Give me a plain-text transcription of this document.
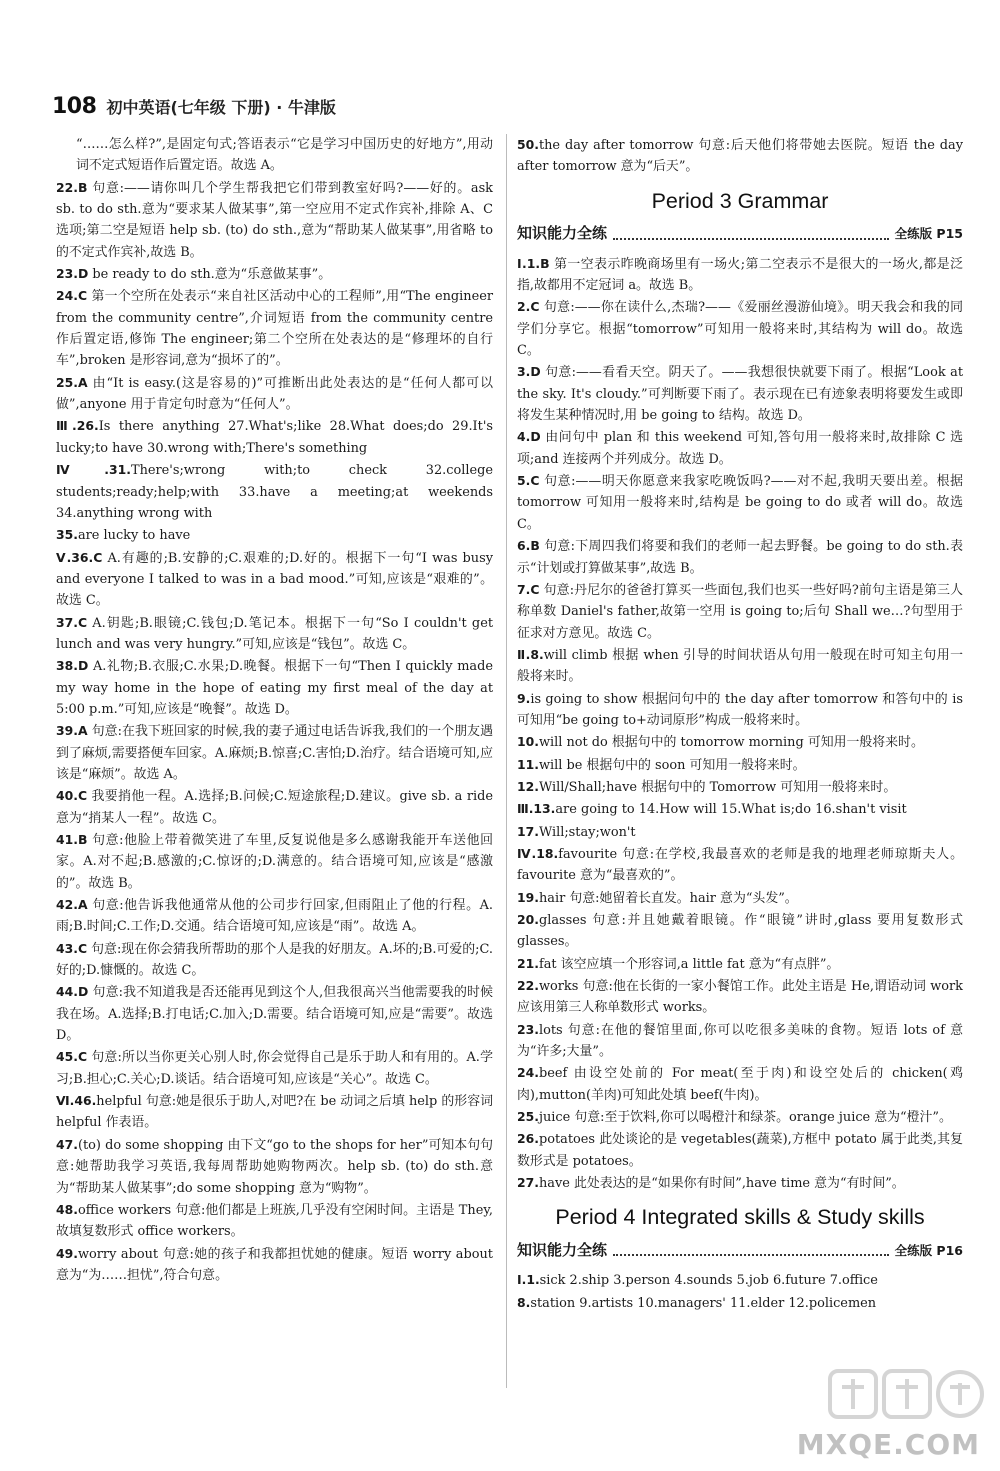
108 初中英语(七年级 下册) · 牛津版

“……怎么样?”,是固定句式;答语表示“它是学习中国历史的好地方”,用动词不定式短语作后置定语。故选 A。

22.B 句意:——请你叫几个学生帮我把它们带到教室好吗?——好的。ask sb. to do sth.意为“要求某人做某事”,第一空应用不定式作宾补,排除 A、C 选项;第二空是短语 help sb. (to) do sth.,意为“帮助某人做某事”,用省略 to 的不定式作宾补,故选 B。

23.D be ready to do sth.意为“乐意做某事”。

24.C 第一个空所在处表示“来自社区活动中心的工程师”,用“The engineer from the community centre”,介词短语 from the community centre 作后置定语,修饰 The engineer;第二个空所在处表达的是“修理坏的自行车”,broken 是形容词,意为“损坏了的”。

25.A 由“It is easy.(这是容易的)”可推断出此处表达的是“任何人都可以做”,anyone 用于肯定句时意为“任何人”。

Ⅲ.26.Is there anything 27.What's;like 28.What does;do 29.It's lucky;to have 30.wrong with;There's something

Ⅳ.31.There's;wrong with;to check 32.college students;ready;help;with 33.have a meeting;at weekends 34.anything wrong with

35.are lucky to have

Ⅴ.36.C A.有趣的;B.安静的;C.艰难的;D.好的。根据下一句“I was busy and everyone I talked to was in a bad mood.”可知,应该是“艰难的”。故选 C。

37.C A.钥匙;B.眼镜;C.钱包;D.笔记本。根据下一句“So I couldn't get lunch and was very hungry.”可知,应该是“钱包”。故选 C。

38.D A.礼物;B.衣服;C.水果;D.晚餐。根据下一句“Then I quickly made my way home in the hope of eating my first meal of the day at 5:00 p.m.”可知,应该是“晚餐”。故选 D。

39.A 句意:在我下班回家的时候,我的妻子通过电话告诉我,我们的一个朋友遇到了麻烦,需要搭便车回家。A.麻烦;B.惊喜;C.害怕;D.治疗。结合语境可知,应该是“麻烦”。故选 A。

40.C 我要捎他一程。A.选择;B.问候;C.短途旅程;D.建议。give sb. a ride 意为“捎某人一程”。故选 C。

41.B 句意:他脸上带着微笑进了车里,反复说他是多么感谢我能开车送他回家。A.对不起;B.感激的;C.惊讶的;D.满意的。结合语境可知,应该是“感激的”。故选 B。

42.A 句意:他告诉我他通常从他的公司步行回家,但雨阻止了他的行程。A.雨;B.时间;C.工作;D.交通。结合语境可知,应该是“雨”。故选 A。

43.C 句意:现在你会猜我所帮助的那个人是我的好朋友。A.坏的;B.可爱的;C.好的;D.慷慨的。故选 C。

44.D 句意:我不知道我是否还能再见到这个人,但我很高兴当他需要我的时候我在场。A.选择;B.打电话;C.加入;D.需要。结合语境可知,应是“需要”。故选 D。

45.C 句意:所以当你更关心别人时,你会觉得自己是乐于助人和有用的。A.学习;B.担心;C.关心;D.谈话。结合语境可知,应该是“关心”。故选 C。

Ⅵ.46.helpful 句意:她是很乐于助人,对吧?在 be 动词之后填 help 的形容词 helpful 作表语。

47.(to) do some shopping 由下文“go to the shops for her”可知本句句意:她帮助我学习英语,我每周帮助她购物两次。help sb. (to) do sth.意为“帮助某人做某事”;do some shopping 意为“购物”。

48.office workers 句意:他们都是上班族,几乎没有空闲时间。主语是 They,故填复数形式 office workers。

49.worry about 句意:她的孩子和我都担忧她的健康。短语 worry about 意为“为……担忧”,符合句意。

50.the day after tomorrow 句意:后天他们将带她去医院。短语 the day after tomorrow 意为“后天”。

Period 3 Grammar
知识能力全练	全练版 P15

Ⅰ.1.B 第一空表示昨晚商场里有一场火;第二空表示不是很大的一场火,都是泛指,故都用不定冠词 a。故选 B。

2.C 句意:——你在读什么,杰瑞?——《爱丽丝漫游仙境》。明天我会和我的同学们分享它。根据“tomorrow”可知用一般将来时,其结构为 will do。故选 C。

3.D 句意:——看看天空。阴天了。——我想很快就要下雨了。根据“Look at the sky. It's cloudy.”可判断要下雨了。表示现在已有迹象表明将要发生或即将发生某种情况时,用 be going to 结构。故选 D。

4.D 由问句中 plan 和 this weekend 可知,答句用一般将来时,故排除 C 选项;and 连接两个并列成分。故选 D。

5.C 句意:——明天你愿意来我家吃晚饭吗?——对不起,我明天要出差。根据 tomorrow 可知用一般将来时,结构是 be going to do 或者 will do。故选 C。

6.B 句意:下周四我们将要和我们的老师一起去野餐。be going to do sth.表示“计划或打算做某事”,故选 B。

7.C 句意:丹尼尔的爸爸打算买一些面包,我们也买一些好吗?前句主语是第三人称单数 Daniel's father,故第一空用 is going to;后句 Shall we…?句型用于征求对方意见。故选 C。

Ⅱ.8.will climb 根据 when 引导的时间状语从句用一般现在时可知主句用一般将来时。

9.is going to show 根据问句中的 the day after tomorrow 和答句中的 is 可知用“be going to+动词原形”构成一般将来时。

10.will not do 根据句中的 tomorrow morning 可知用一般将来时。

11.will be 根据句中的 soon 可知用一般将来时。

12.Will/Shall;have 根据句中的 Tomorrow 可知用一般将来时。

Ⅲ.13.are going to 14.How will 15.What is;do 16.shan't visit

17.Will;stay;won't

Ⅳ.18.favourite 句意:在学校,我最喜欢的老师是我的地理老师琼斯夫人。favourite 意为“最喜欢的”。

19.hair 句意:她留着长直发。hair 意为“头发”。

20.glasses 句意:并且她戴着眼镜。作“眼镜”讲时,glass 要用复数形式 glasses。

21.fat 该空应填一个形容词,a little fat 意为“有点胖”。

22.works 句意:他在长街的一家小餐馆工作。此处主语是 He,谓语动词 work 应该用第三人称单数形式 works。

23.lots 句意:在他的餐馆里面,你可以吃很多美味的食物。短语 lots of 意为“许多;大量”。

24.beef 由设空处前的 For meat(至于肉)和设空处后的 chicken(鸡肉),mutton(羊肉)可知此处填 beef(牛肉)。

25.juice 句意:至于饮料,你可以喝橙汁和绿茶。orange juice 意为“橙汁”。

26.potatoes 此处谈论的是 vegetables(蔬菜),方框中 potato 属于此类,其复数形式是 potatoes。

27.have 此处表达的是“如果你有时间”,have time 意为“有时间”。

Period 4 Integrated skills & Study skills
知识能力全练	全练版 P16

Ⅰ.1.sick 2.ship 3.person 4.sounds 5.job 6.future 7.office

8.station 9.artists 10.managers' 11.elder 12.policemen

MXQE.COM
